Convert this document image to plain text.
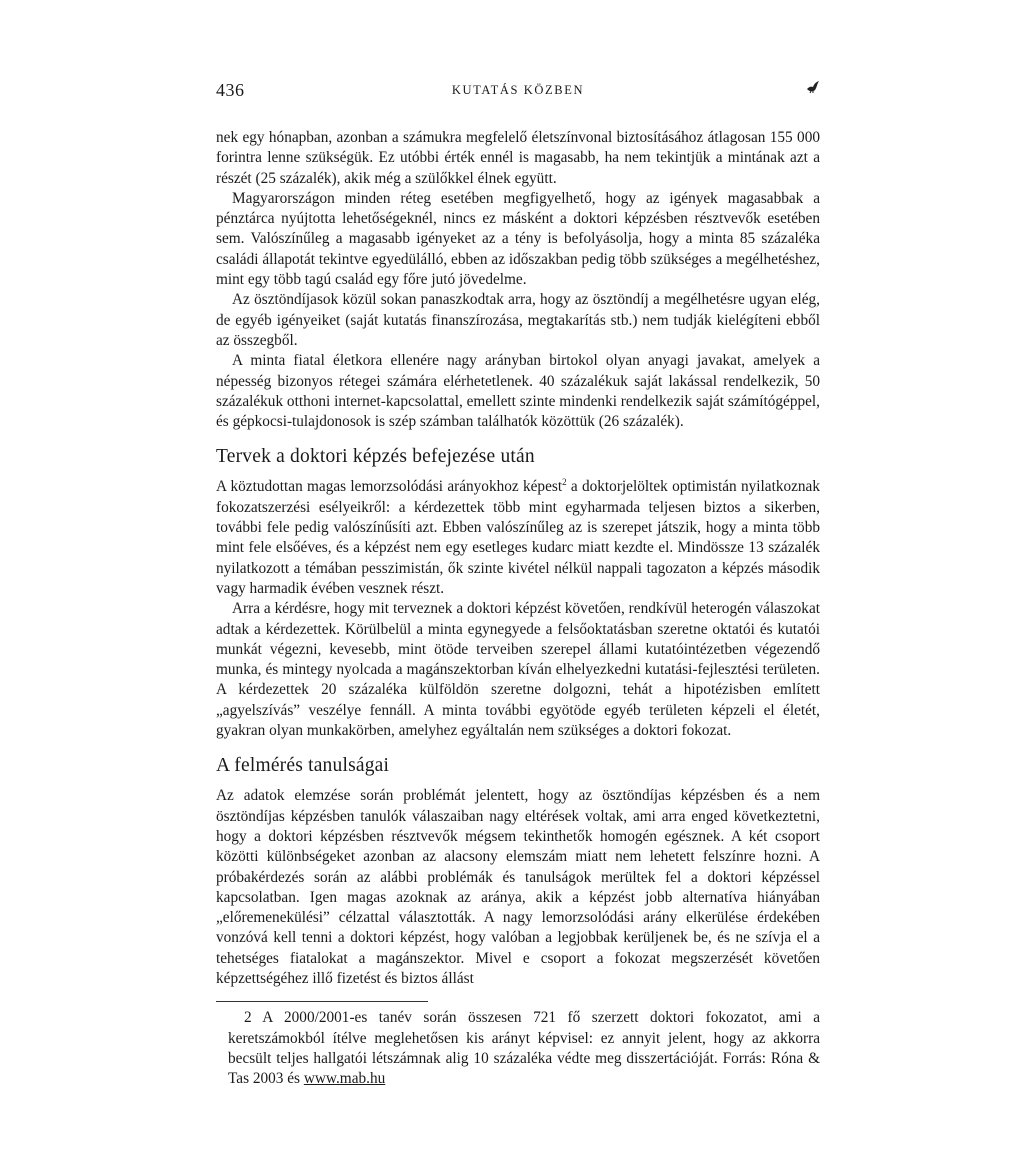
436	KUTATÁS KÖZBEN

nek egy hónapban, azonban a számukra megfelelő életszínvonal biztosításához átlagosan 155 000 forintra lenne szükségük. Ez utóbbi érték ennél is magasabb, ha nem tekintjük a mintának azt a részét (25 százalék), akik még a szülőkkel élnek együtt.

Magyarországon minden réteg esetében megfigyelhető, hogy az igények magasabbak a pénztárca nyújtotta lehetőségeknél, nincs ez másként a doktori képzésben résztvevők esetében sem. Valószínűleg a magasabb igényeket az a tény is befolyásolja, hogy a minta 85 százaléka családi állapotát tekintve egyedülálló, ebben az időszakban pedig több szükséges a megélhetéshez, mint egy több tagú család egy főre jutó jövedelme.

Az ösztöndíjasok közül sokan panaszkodtak arra, hogy az ösztöndíj a megélhetésre ugyan elég, de egyéb igényeiket (saját kutatás finanszírozása, megtakarítás stb.) nem tudják kielégíteni ebből az összegből.

A minta fiatal életkora ellenére nagy arányban birtokol olyan anyagi javakat, amelyek a népesség bizonyos rétegei számára elérhetetlenek. 40 százalékuk saját lakással rendelkezik, 50 százalékuk otthoni internet-kapcsolattal, emellett szinte mindenki rendelkezik saját számítógéppel, és gépkocsi-tulajdonosok is szép számban találhatók közöttük (26 százalék).

Tervek a doktori képzés befejezése után

A köztudottan magas lemorzsolódási arányokhoz képest$^2$ a doktorjelöltek optimistán nyilatkoznak fokozatszerzési esélyeikről: a kérdezettek több mint egyharmada teljesen biztos a sikerben, további fele pedig valószínűsíti azt. Ebben valószínűleg az is szerepet játszik, hogy a minta több mint fele elsőéves, és a képzést nem egy esetleges kudarc miatt kezdte el. Mindössze 13 százalék nyilatkozott a témában pesszimistán, ők szinte kivétel nélkül nappali tagozaton a képzés második vagy harmadik évében vesznek részt.

Arra a kérdésre, hogy mit terveznek a doktori képzést követően, rendkívül heterogén válaszokat adtak a kérdezettek. Körülbelül a minta egynegyede a felsőoktatásban szeretne oktatói és kutatói munkát végezni, kevesebb, mint ötöde terveiben szerepel állami kutatóintézetben végezendő munka, és mintegy nyolcada a magánszektorban kíván elhelyezkedni kutatási-fejlesztési területen. A kérdezettek 20 százaléka külföldön szeretne dolgozni, tehát a hipotézisben említett „agyelszívás” veszélye fennáll. A minta további egyötöde egyéb területen képzeli el életét, gyakran olyan munkakörben, amelyhez egyáltalán nem szükséges a doktori fokozat.

A felmérés tanulságai

Az adatok elemzése során problémát jelentett, hogy az ösztöndíjas képzésben és a nem ösztöndíjas képzésben tanulók válaszaiban nagy eltérések voltak, ami arra enged következtetni, hogy a doktori képzésben résztvevők mégsem tekinthetők homogén egésznek. A két csoport közötti különbségeket azonban az alacsony elemszám miatt nem lehetett felszínre hozni. A próbakérdezés során az alábbi problémák és tanulságok merültek fel a doktori képzéssel kapcsolatban. Igen magas azoknak az aránya, akik a képzést jobb alternatíva hiányában „előremenekülési” célzattal választották. A nagy lemorzsolódási arány elkerülése érdekében vonzóvá kell tenni a doktori képzést, hogy valóban a legjobbak kerüljenek be, és ne szívja el a tehetséges fiatalokat a magánszektor. Mivel e csoport a fokozat megszerzését követően képzettségéhez illő fizetést és biztos állást

2 A 2000/2001-es tanév során összesen 721 fő szerzett doktori fokozatot, ami a keretszámokból ítélve meglehetősen kis arányt képvisel: ez annyit jelent, hogy az akkorra becsült teljes hallgatói létszámnak alig 10 százaléka védte meg disszertációját. Forrás: Róna & Tas 2003 és www.mab.hu
